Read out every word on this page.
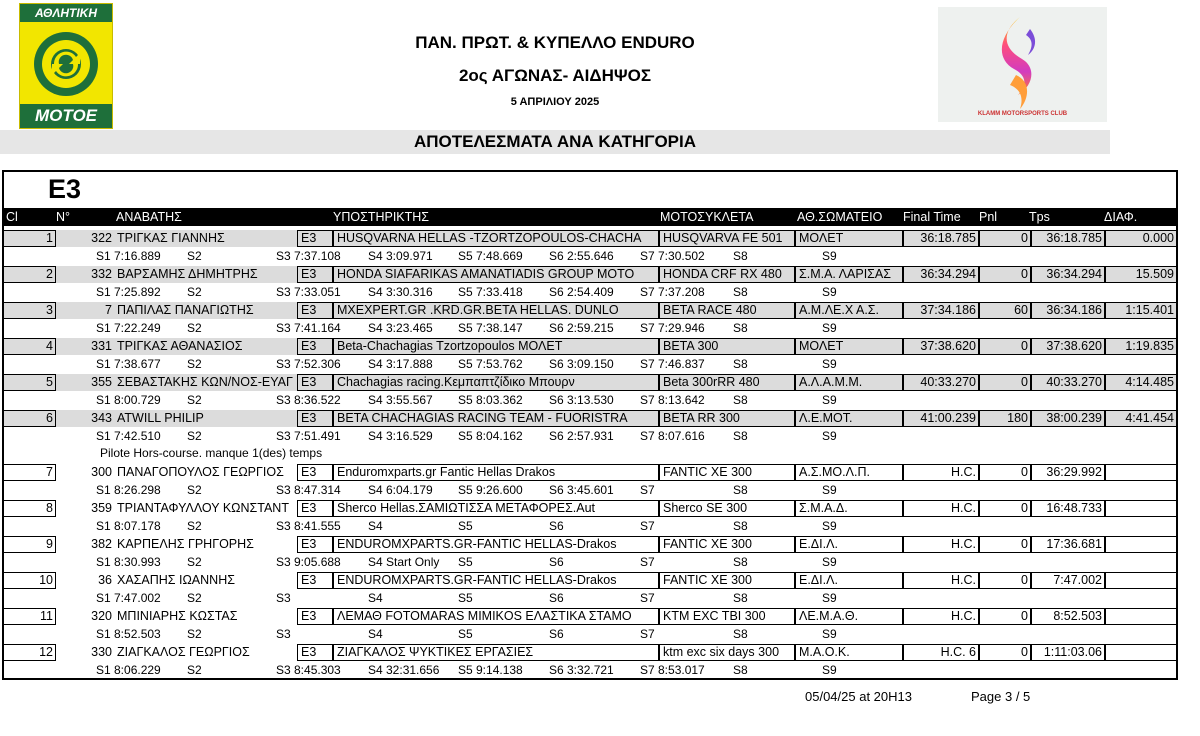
ΑΘΛΗΤΙΚΗ
ΜΟΤΟΕ	KLAMM MOTORSPORTS CLUB
ΠΑΝ. ΠΡΩΤ. & ΚΥΠΕΛΛΟ ENDURO
2ος ΑΓΩΝΑΣ- ΑΙΔΗΨΟΣ
5 ΑΠΡΙΛΙΟΥ 2025
ΑΠΟΤΕΛΕΣΜΑΤΑ ΑΝΑ ΚΑΤΗΓΟΡΙΑ
E3
Cl	N°	ΑΝΑΒΑΤΗΣ	ΥΠΟΣΤΗΡΙΚΤΗΣ	ΜΟΤΟΣΥΚΛΕΤΑ	ΑΘ.ΣΩΜΑΤΕΙΟ Final Time Pnl	Tps	ΔΙΑΦ.
1	322 ΤΡΙΓΚΑΣ ΓΙΑΝΝΗΣ	E3	HUSQVARNA HELLAS -TZORTZOPOULOS-CHACHA	HUSQVARVA FE 501	ΜΟΛΕΤ	36:18.785	0	36:18.785	0.000
S1 7:16.889 S2	S3 7:37.108 S4 3:09.971 S5 7:48.669 S6 2:55.646 S7 7:30.502 S8	S9
2	332 ΒΑΡΣΑΜΗΣ ΔΗΜΗΤΡΗΣ	E3	HONDA SIAFARIKAS AMANATIADIS GROUP MOTO	HONDA CRF RX 480	Σ.Μ.Α. ΛΑΡΙΣΑΣ	36:34.294	0	36:34.294	15.509
S1 7:25.892 S2	S3 7:33.051 S4 3:30.316 S5 7:33.418 S6 2:54.409 S7 7:37.208 S8	S9
3	7 ΠΑΠΙΛΑΣ ΠΑΝΑΓΙΩΤΗΣ	E3	MXEXPERT.GR .KRD.GR.BETA HELLAS. DUNLO	BETA RACE 480	Α.Μ.ΛΕ.Χ Α.Σ.	37:34.186	60	36:34.186	1:15.401
S1 7:22.249 S2	S3 7:41.164 S4 3:23.465 S5 7:38.147 S6 2:59.215 S7 7:29.946 S8	S9
4	331 ΤΡΙΓΚΑΣ ΑΘΑΝΑΣΙΟΣ	E3	Beta-Chachagias Tzortzopoulos ΜΟΛΕΤ	BETA 300	ΜΟΛΕΤ	37:38.620	0	37:38.620	1:19.835
S1 7:38.677 S2	S3 7:52.306 S4 3:17.888 S5 7:53.762 S6 3:09.150 S7 7:46.837 S8	S9
5	355 ΣΕΒΑΣΤΑΚΗΣ ΚΩΝ/ΝΟΣ-ΕΥΑΓ E3	Chachagias racing.Κεμπαπτζίδικο Μπουρν	Beta 300rRR 480	Α.Λ.Α.Μ.Μ.	40:33.270	0	40:33.270	4:14.485
S1 8:00.729 S2	S3 8:36.522 S4 3:55.567 S5 8:03.362 S6 3:13.530 S7 8:13.642 S8	S9
6	343 ATWILL PHILIP	E3	BETA CHACHAGIAS RACING TEAM - FUORISTRA	BETA RR 300	Λ.Ε.ΜΟΤ.	41:00.239	180	38:00.239	4:41.454
S1 7:42.510 S2	S3 7:51.491 S4 3:16.529 S5 8:04.162 S6 2:57.931 S7 8:07.616 S8	S9
Pilote Hors-course. manque 1(des) temps
7	300 ΠΑΝΑΓΟΠΟΥΛΟΣ ΓΕΩΡΓΙΟΣ	E3	Enduromxparts.gr Fantic Hellas Drakos	FANTIC XE 300	Α.Σ.ΜΟ.Λ.Π.	H.C.	0	36:29.992
S1 8:26.298 S2	S3 8:47.314 S4 6:04.179 S5 9:26.600 S6 3:45.601 S7	S8	S9
8	359 ΤΡΙΑΝΤΑΦΥΛΛΟΥ ΚΩΝΣΤΑΝΤ E3	Sherco Hellas.ΣΑΜΙΩΤΙΣΣΑ ΜΕΤΑΦΟΡΕΣ.Aut	Sherco SE 300	Σ.Μ.Α.Δ.	H.C.	0	16:48.733
S1 8:07.178 S2	S3 8:41.555 S4	S5	S6	S7	S8	S9
9	382 ΚΑΡΠΕΛΗΣ ΓΡΗΓΟΡΗΣ	E3	ENDUROMXPARTS.GR-FANTIC HELLAS-Drakos	FANTIC XE 300	Ε.ΔΙ.Λ.	H.C.	0	17:36.681
S1 8:30.993 S2	S3 9:05.688 S4 Start Only S5	S6	S7	S8	S9
10	36 ΧΑΣΑΠΗΣ ΙΩΑΝΝΗΣ	E3	ENDUROMXPARTS.GR-FANTIC HELLAS-Drakos	FANTIC XE 300	Ε.ΔΙ.Λ.	H.C.	0	7:47.002
S1 7:47.002 S2	S3	S4	S5	S6	S7	S8	S9
11	320 ΜΠΙΝΙΑΡΗΣ ΚΩΣΤΑΣ	E3	ΛΕΜΑΘ FOTOMARAS MIMIKOS ΕΛΑΣΤΙΚΑ ΣΤΑΜΟ	KTM EXC TBI 300	ΛΕ.Μ.Α.Θ.	H.C.	0	8:52.503
S1 8:52.503 S2	S3	S4	S5	S6	S7	S8	S9
12	330 ΖΙΑΓΚΑΛΟΣ ΓΕΩΡΓΙΟΣ	E3	ΖΙΑΓΚΑΛΟΣ ΨΥΚΤΙΚΕΣ ΕΡΓΑΣΙΕΣ	ktm exc six days 300	Μ.Α.Ο.Κ.	H.C. 6	0	1:11:03.06
S1 8:06.229 S2	S3 8:45.303 S4 32:31.656 S5 9:14.138 S6 3:32.721 S7 8:53.017 S8	S9
05/04/25 at 20H13	Page 3 / 5
